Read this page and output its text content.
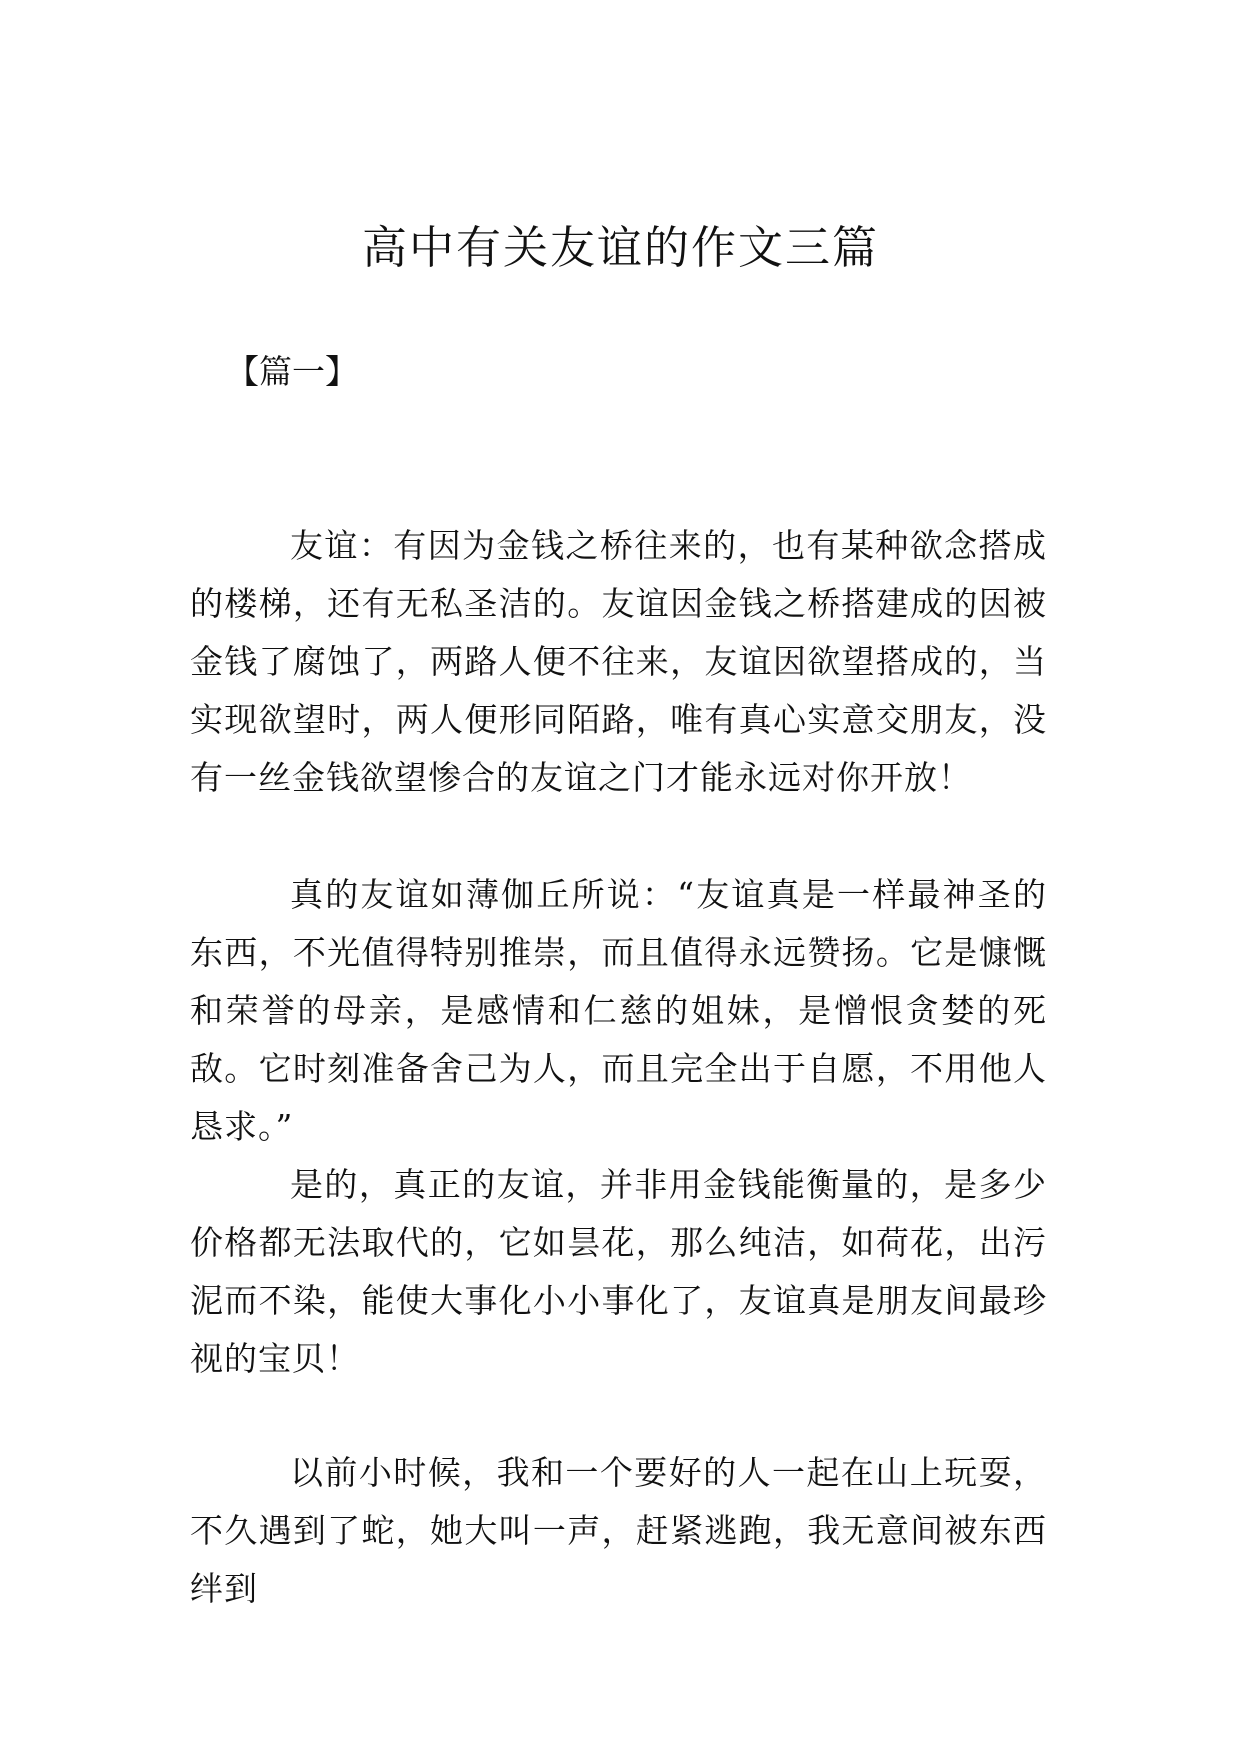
高中有关友谊的作文三篇

【篇一】

友谊：有因为金钱之桥往来的，也有某种欲念搭成的楼梯，还有无私圣洁的。友谊因金钱之桥搭建成的因被金钱了腐蚀了，两路人便不往来，友谊因欲望搭成的，当实现欲望时，两人便形同陌路，唯有真心实意交朋友，没有一丝金钱欲望惨合的友谊之门才能永远对你开放！

真的友谊如薄伽丘所说：“友谊真是一样最神圣的东西，不光值得特别推崇，而且值得永远赞扬。它是慷慨和荣誉的母亲，是感情和仁慈的姐妹，是憎恨贪婪的死敌。它时刻准备舍己为人，而且完全出于自愿，不用他人恳求。”

是的，真正的友谊，并非用金钱能衡量的，是多少价格都无法取代的，它如昙花，那么纯洁，如荷花，出污泥而不染，能使大事化小小事化了，友谊真是朋友间最珍视的宝贝！

以前小时候，我和一个要好的人一起在山上玩耍，不久遇到了蛇，她大叫一声，赶紧逃跑，我无意间被东西绊到
